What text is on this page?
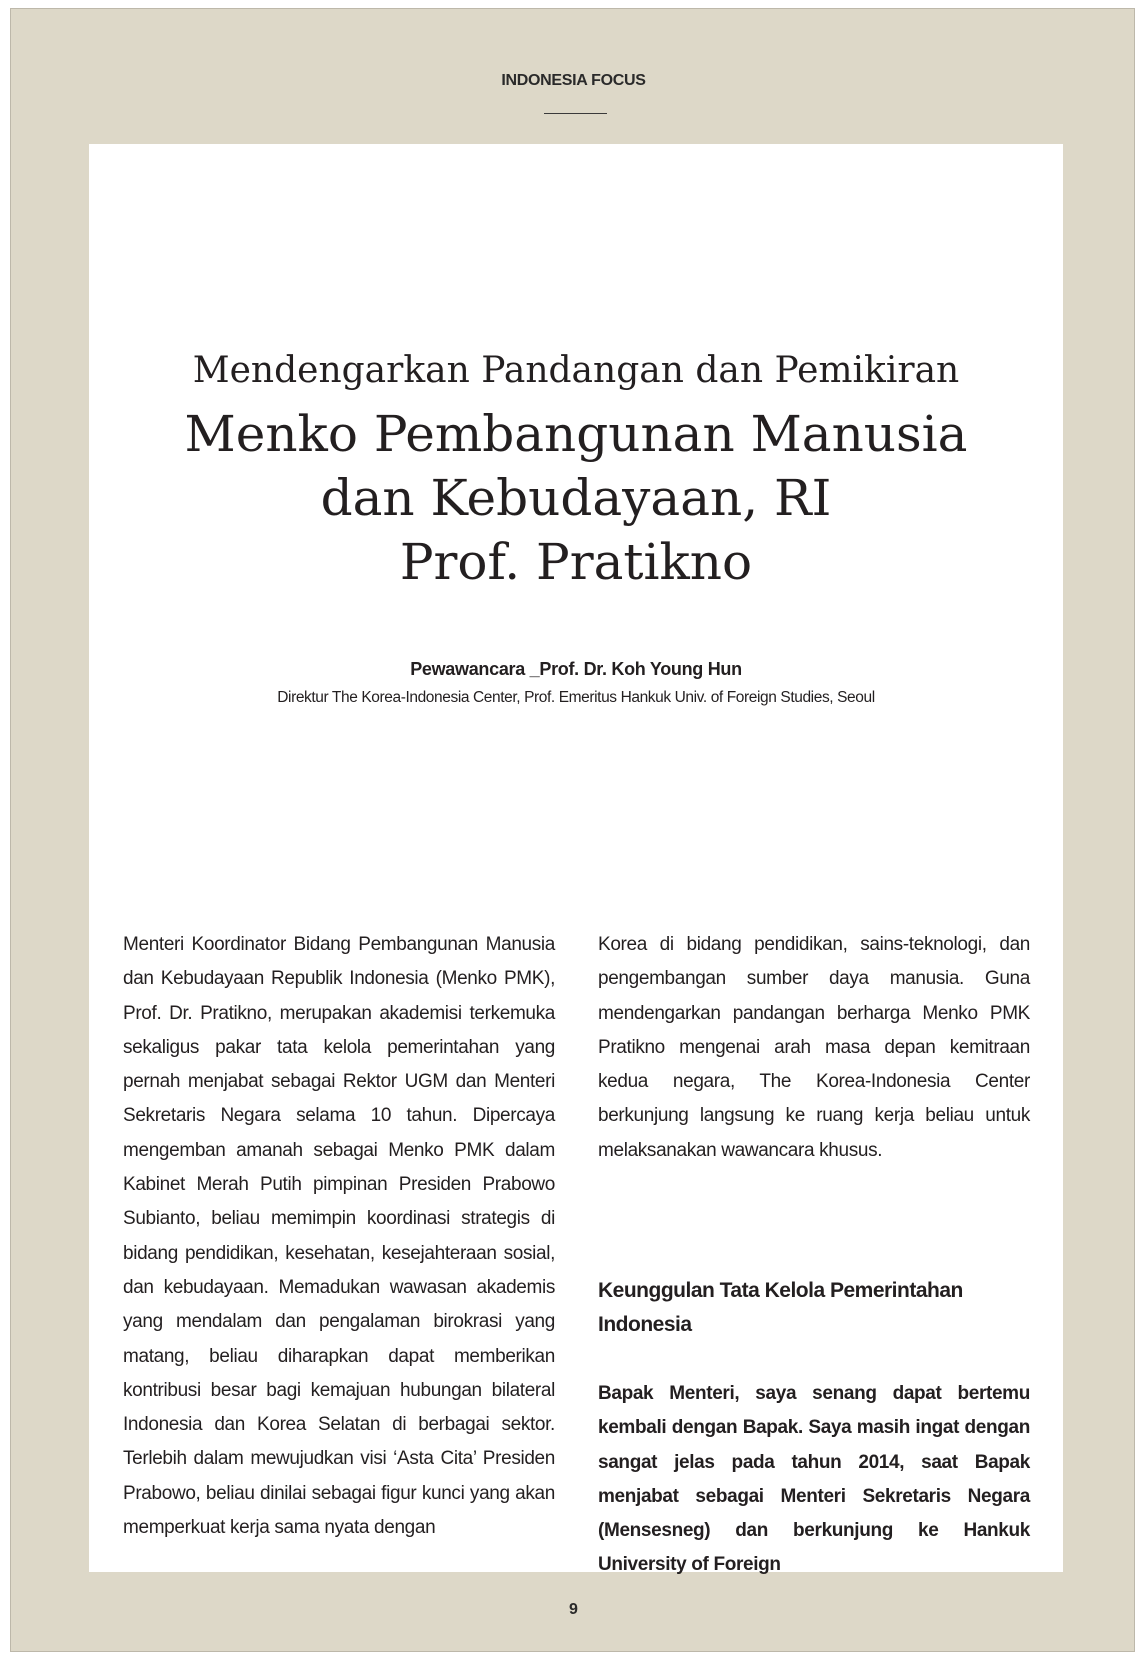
INDONESIA FOCUS
Mendengarkan Pandangan dan Pemikiran
Menko Pembangunan Manusia
dan Kebudayaan, RI
Prof. Pratikno
Pewawancara _Prof. Dr. Koh Young Hun
Direktur The Korea-Indonesia Center, Prof. Emeritus Hankuk Univ. of Foreign Studies, Seoul
Menteri Koordinator Bidang Pembangunan Manusia dan Kebudayaan Republik Indonesia (Menko PMK), Prof. Dr. Pratikno, merupakan akademisi terkemuka sekaligus pakar tata kelola pemerintahan yang pernah menjabat sebagai Rektor UGM dan Menteri Sekretaris Negara selama 10 tahun. Dipercaya mengemban amanah sebagai Menko PMK dalam Kabinet Merah Putih pimpinan Presiden Prabowo Subianto, beliau memimpin koordinasi strategis di bidang pendidikan, kesehatan, kesejahteraan sosial, dan kebudayaan. Memadukan wawasan akademis yang mendalam dan pengalaman birokrasi yang matang, beliau diharapkan dapat memberikan kontribusi besar bagi kemajuan hubungan bilateral Indonesia dan Korea Selatan di berbagai sektor. Terlebih dalam mewujudkan visi ‘Asta Cita’ Presiden Prabowo, beliau dinilai sebagai figur kunci yang akan memperkuat kerja sama nyata dengan
Korea di bidang pendidikan, sains-teknologi, dan pengembangan sumber daya manusia. Guna mendengarkan pandangan berharga Menko PMK Pratikno mengenai arah masa depan kemitraan kedua negara, The Korea-Indonesia Center berkunjung langsung ke ruang kerja beliau untuk melaksanakan wawancara khusus.
Keunggulan Tata Kelola Pemerintahan Indonesia
Bapak Menteri, saya senang dapat bertemu kembali dengan Bapak. Saya masih ingat dengan sangat jelas pada tahun 2014, saat Bapak menjabat sebagai Menteri Sekretaris Negara (Mensesneg) dan berkunjung ke Hankuk University of Foreign
9
